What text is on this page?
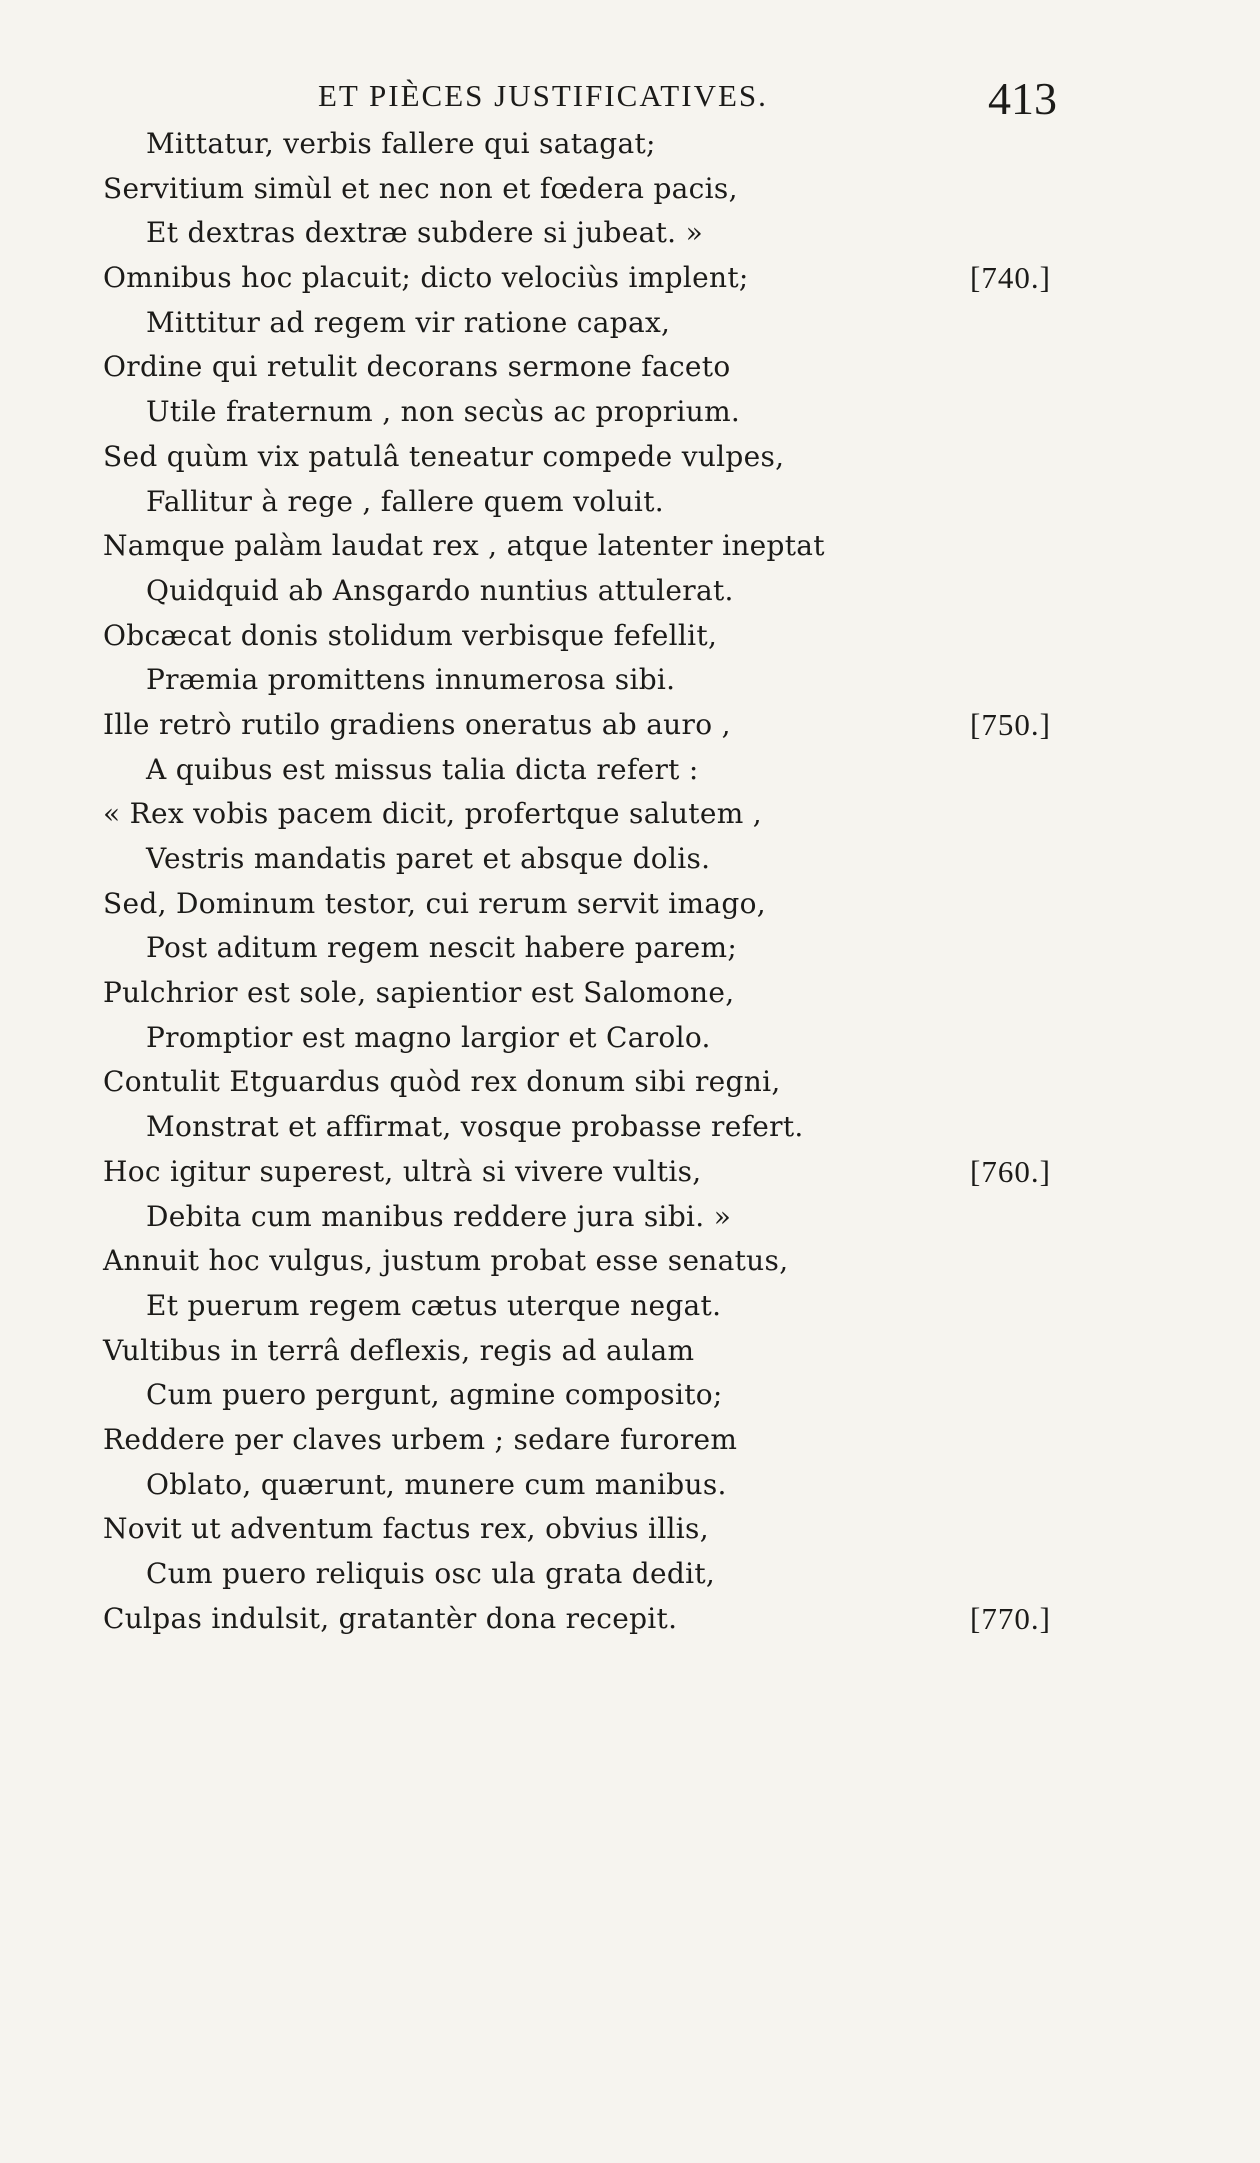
ET PIÈCES JUSTIFICATIVES.	413
Mittatur, verbis fallere qui satagat;
Servitium simùl et nec non et fœdera pacis,
Et dextras dextræ subdere si jubeat. »
Omnibus hoc placuit; dicto velociùs implent;	[740.]
Mittitur ad regem vir ratione capax,
Ordine qui retulit decorans sermone faceto
Utile fraternum , non secùs ac proprium.
Sed quùm vix patulâ teneatur compede vulpes,
Fallitur à rege , fallere quem voluit.
Namque palàm laudat rex , atque latenter ineptat
Quidquid ab Ansgardo nuntius attulerat.
Obcæcat donis stolidum verbisque fefellit,
Præmia promittens innumerosa sibi.
Ille retrò rutilo gradiens oneratus ab auro ,	[750.]
A quibus est missus talia dicta refert :
« Rex vobis pacem dicit, profertque salutem ,
Vestris mandatis paret et absque dolis.
Sed, Dominum testor, cui rerum servit imago,
Post aditum regem nescit habere parem;
Pulchrior est sole, sapientior est Salomone,
Promptior est magno largior et Carolo.
Contulit Etguardus quòd rex donum sibi regni,
Monstrat et affirmat, vosque probasse refert.
Hoc igitur superest, ultrà si vivere vultis,	[760.]
Debita cum manibus reddere jura sibi. »
Annuit hoc vulgus, justum probat esse senatus,
Et puerum regem cætus uterque negat.
Vultibus in terrâ deflexis, regis ad aulam
Cum puero pergunt, agmine composito;
Reddere per claves urbem ; sedare furorem
Oblato, quærunt, munere cum manibus.
Novit ut adventum factus rex, obvius illis,
Cum puero reliquis osc ula grata dedit,
Culpas indulsit, gratantèr dona recepit.	[770.]
